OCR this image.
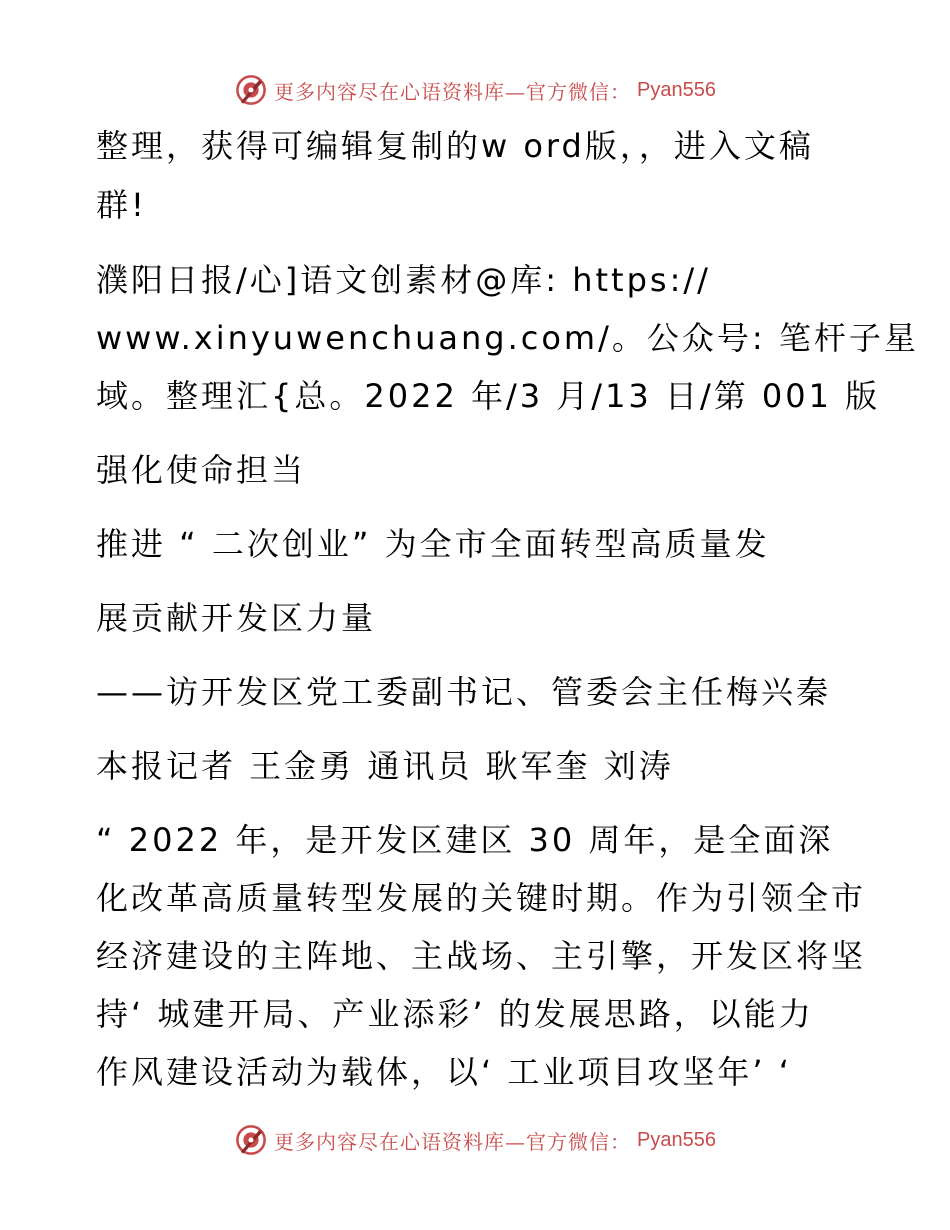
更多内容尽在心语资料库—官方微信： Pyan556
整理，获得可编辑复制的w ord版，，进入文稿
群!
濮阳日报/心]语文创素材@库: https://
www.xinyuwenchuang.com/。公众号: 笔杆子星
域。整理汇{总。2022 年/3 月/13 日/第 001 版
强化使命担当
推进 “ 二次创业” 为全市全面转型高质量发
展贡献开发区力量
——访开发区党工委副书记、管委会主任梅兴秦
本报记者 王金勇 通讯员 耿军奎 刘涛
“ 2022 年，是开发区建区 30 周年，是全面深
化改革高质量转型发展的关键时期。作为引领全市
经济建设的主阵地、主战场、主引擎，开发区将坚
持‘ 城建开局、产业添彩’ 的发展思路，以能力
作风建设活动为载体，以‘ 工业项目攻坚年’ ‘
更多内容尽在心语资料库—官方微信： Pyan556
